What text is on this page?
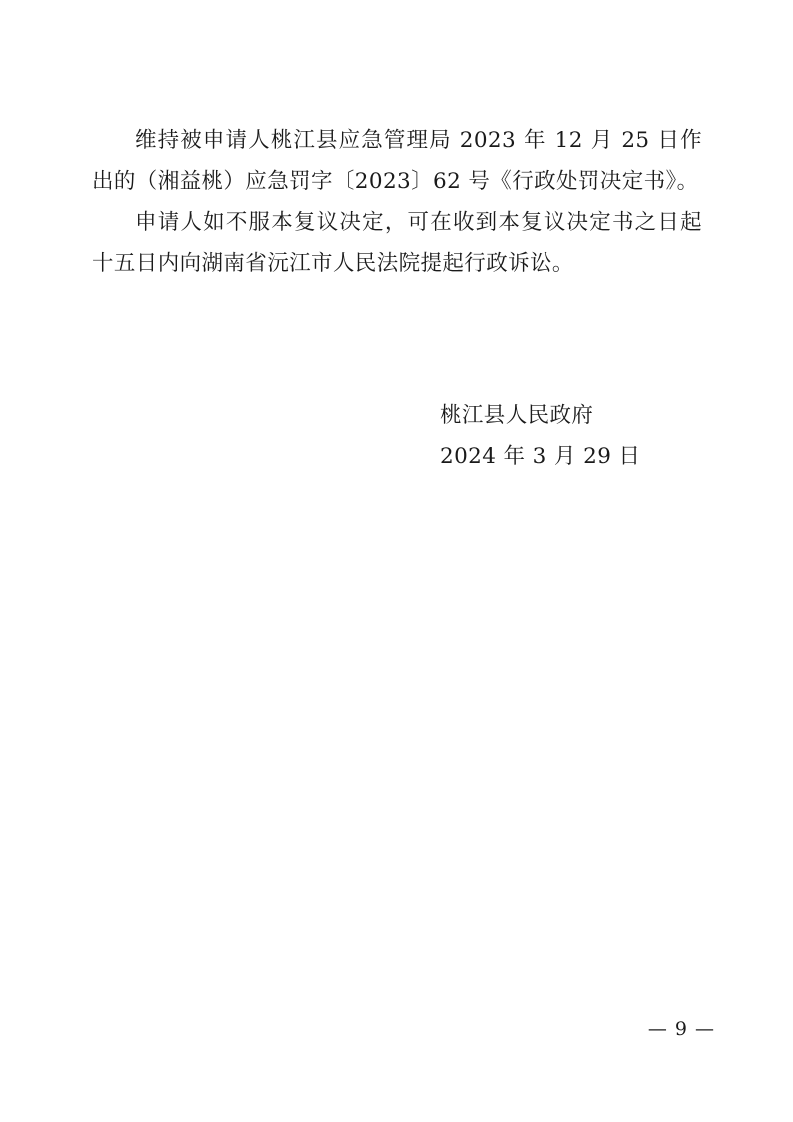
维持被申请人桃江县应急管理局 2023 年 12 月 25 日作出的（湘益桃）应急罚字〔2023〕62 号《行政处罚决定书》。

申请人如不服本复议决定，可在收到本复议决定书之日起十五日内向湖南省沅江市人民法院提起行政诉讼。

桃江县人民政府
2024 年 3 月 29 日
— 9 —
